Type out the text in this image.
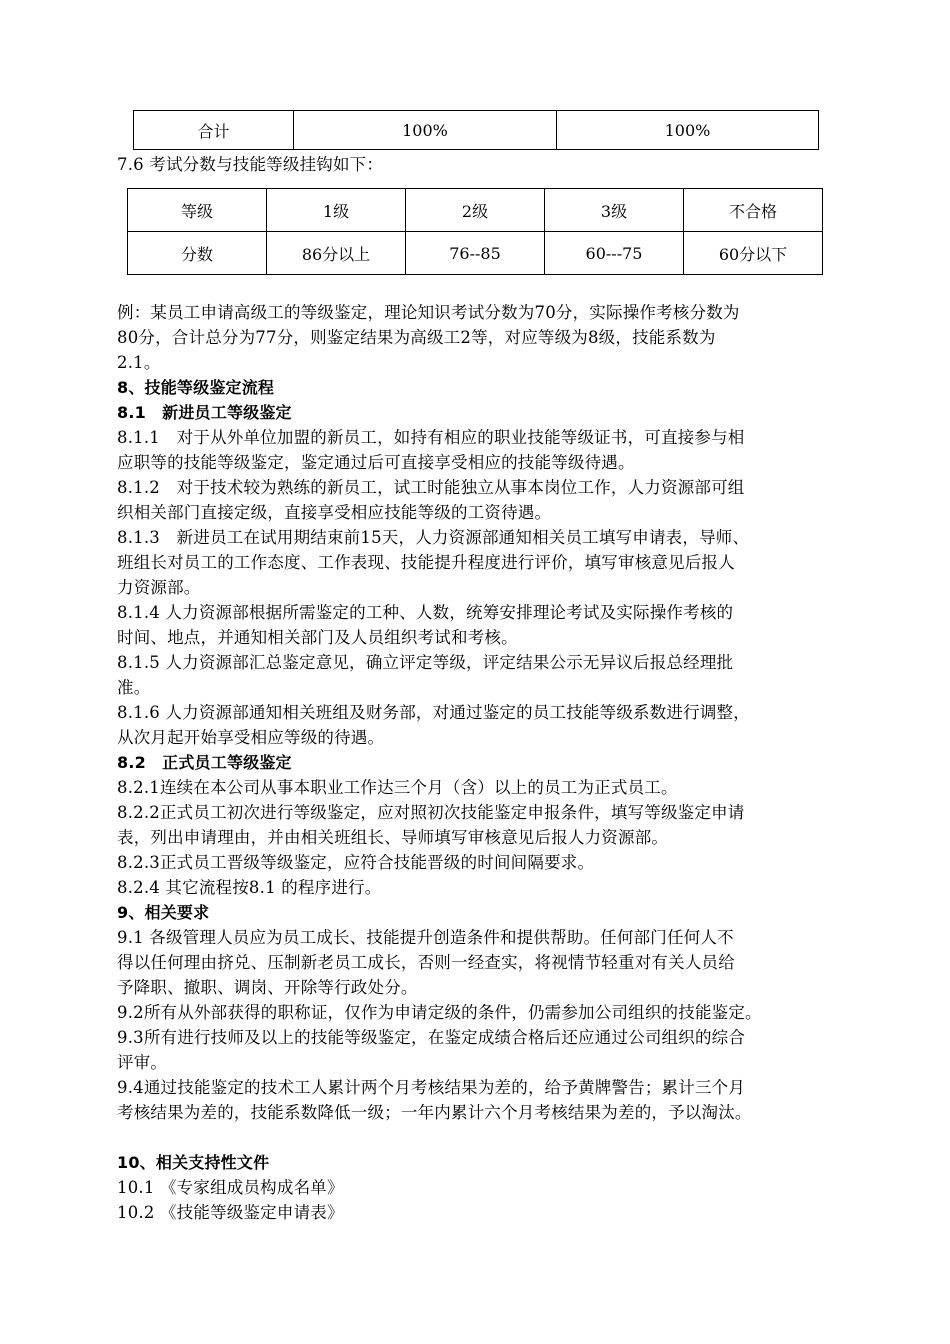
合计	100%	100%
7.6 考试分数与技能等级挂钩如下：
等级	1级	2级	3级	不合格
分数	86分以上	76--85	60---75	60分以下
例：某员工申请高级工的等级鉴定，理论知识考试分数为70分，实际操作考核分数为
80分，合计总分为77分，则鉴定结果为高级工2等，对应等级为8级，技能系数为
2.1。
8、技能等级鉴定流程
8.1　新进员工等级鉴定
8.1.1　对于从外单位加盟的新员工，如持有相应的职业技能等级证书，可直接参与相
应职等的技能等级鉴定，鉴定通过后可直接享受相应的技能等级待遇。
8.1.2　对于技术较为熟练的新员工，试工时能独立从事本岗位工作，人力资源部可组
织相关部门直接定级，直接享受相应技能等级的工资待遇。
8.1.3　新进员工在试用期结束前15天，人力资源部通知相关员工填写申请表，导师、
班组长对员工的工作态度、工作表现、技能提升程度进行评价，填写审核意见后报人
力资源部。
8.1.4 人力资源部根据所需鉴定的工种、人数，统筹安排理论考试及实际操作考核的
时间、地点，并通知相关部门及人员组织考试和考核。
8.1.5 人力资源部汇总鉴定意见，确立评定等级，评定结果公示无异议后报总经理批
准。
8.1.6 人力资源部通知相关班组及财务部，对通过鉴定的员工技能等级系数进行调整，
从次月起开始享受相应等级的待遇。
8.2　正式员工等级鉴定
8.2.1连续在本公司从事本职业工作达三个月（含）以上的员工为正式员工。
8.2.2正式员工初次进行等级鉴定，应对照初次技能鉴定申报条件，填写等级鉴定申请
表，列出申请理由，并由相关班组长、导师填写审核意见后报人力资源部。
8.2.3正式员工晋级等级鉴定，应符合技能晋级的时间间隔要求。
8.2.4 其它流程按8.1 的程序进行。
9、相关要求
9.1 各级管理人员应为员工成长、技能提升创造条件和提供帮助。任何部门任何人不
得以任何理由挤兑、压制新老员工成长，否则一经查实，将视情节轻重对有关人员给
予降职、撤职、调岗、开除等行政处分。
9.2所有从外部获得的职称证，仅作为申请定级的条件，仍需参加公司组织的技能鉴定。
9.3所有进行技师及以上的技能等级鉴定，在鉴定成绩合格后还应通过公司组织的综合
评审。
9.4通过技能鉴定的技术工人累计两个月考核结果为差的，给予黄牌警告；累计三个月
考核结果为差的，技能系数降低一级；一年内累计六个月考核结果为差的，予以淘汰。
10、相关支持性文件
10.1 《专家组成员构成名单》
10.2 《技能等级鉴定申请表》
